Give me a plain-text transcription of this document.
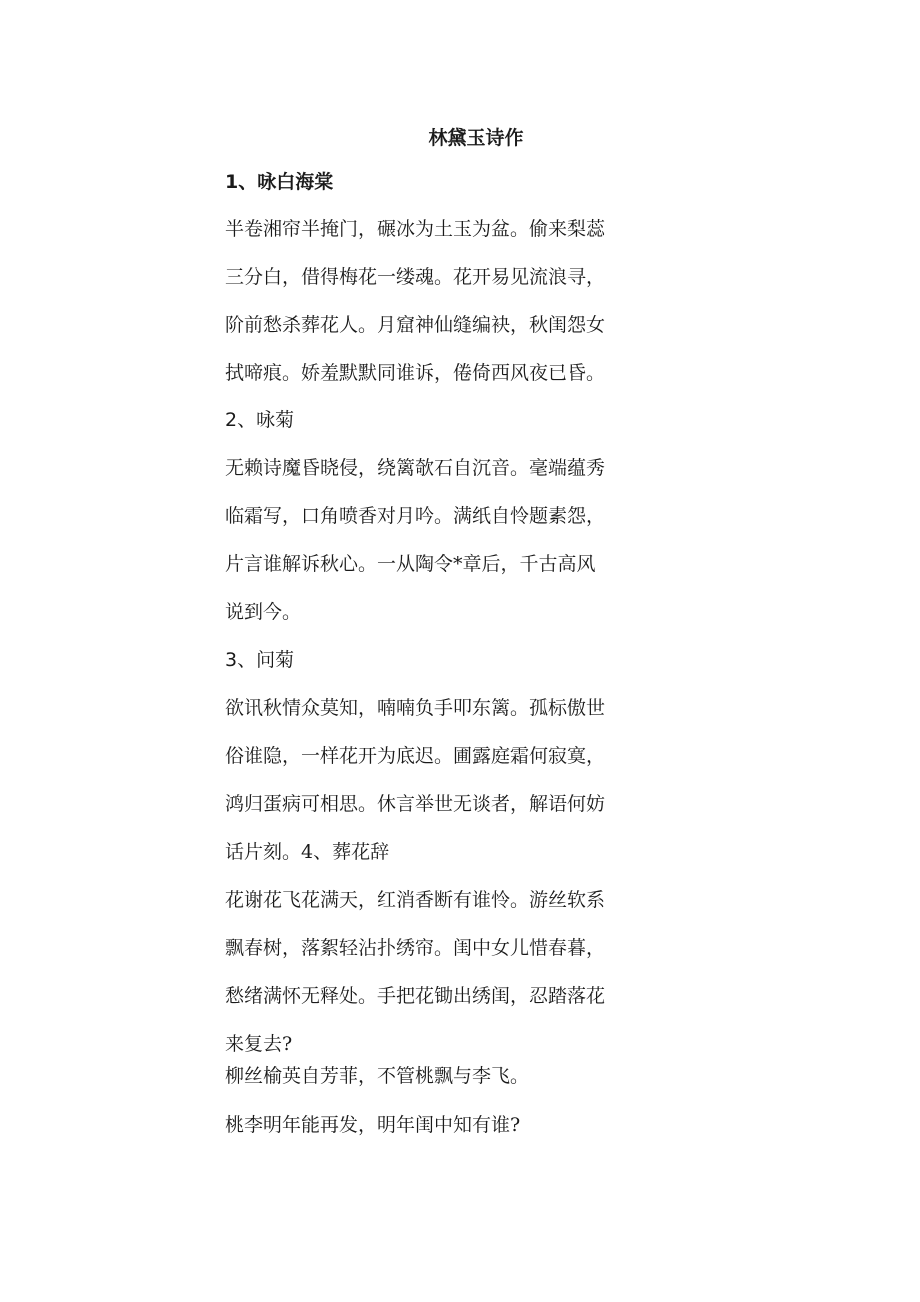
林黛玉诗作

1、咏白海棠

半卷湘帘半掩门，碾冰为土玉为盆。偷来梨蕊

三分白，借得梅花一缕魂。花开易见流浪寻，

阶前愁杀葬花人。月窟神仙缝编袂，秋闺怨女

拭啼痕。娇羞默默同谁诉，倦倚西风夜已昏。

2、咏菊

无赖诗魔昏晓侵，绕篱欹石自沉音。毫端蕴秀

临霜写，口角喷香对月吟。满纸自怜题素怨，

片言谁解诉秋心。一从陶令*章后，千古高风

说到今。

3、问菊

欲讯秋情众莫知，喃喃负手叩东篱。孤标傲世

俗谁隐，一样花开为底迟。圃露庭霜何寂寞，

鸿归蛋病可相思。休言举世无谈者，解语何妨

话片刻。4、葬花辞

花谢花飞花满天，红消香断有谁怜。游丝软系

飘春树，落絮轻沾扑绣帘。闺中女儿惜春暮，

愁绪满怀无释处。手把花锄出绣闺，忍踏落花

来复去?

柳丝榆英自芳菲，不管桃飘与李飞。

桃李明年能再发，明年闺中知有谁?
